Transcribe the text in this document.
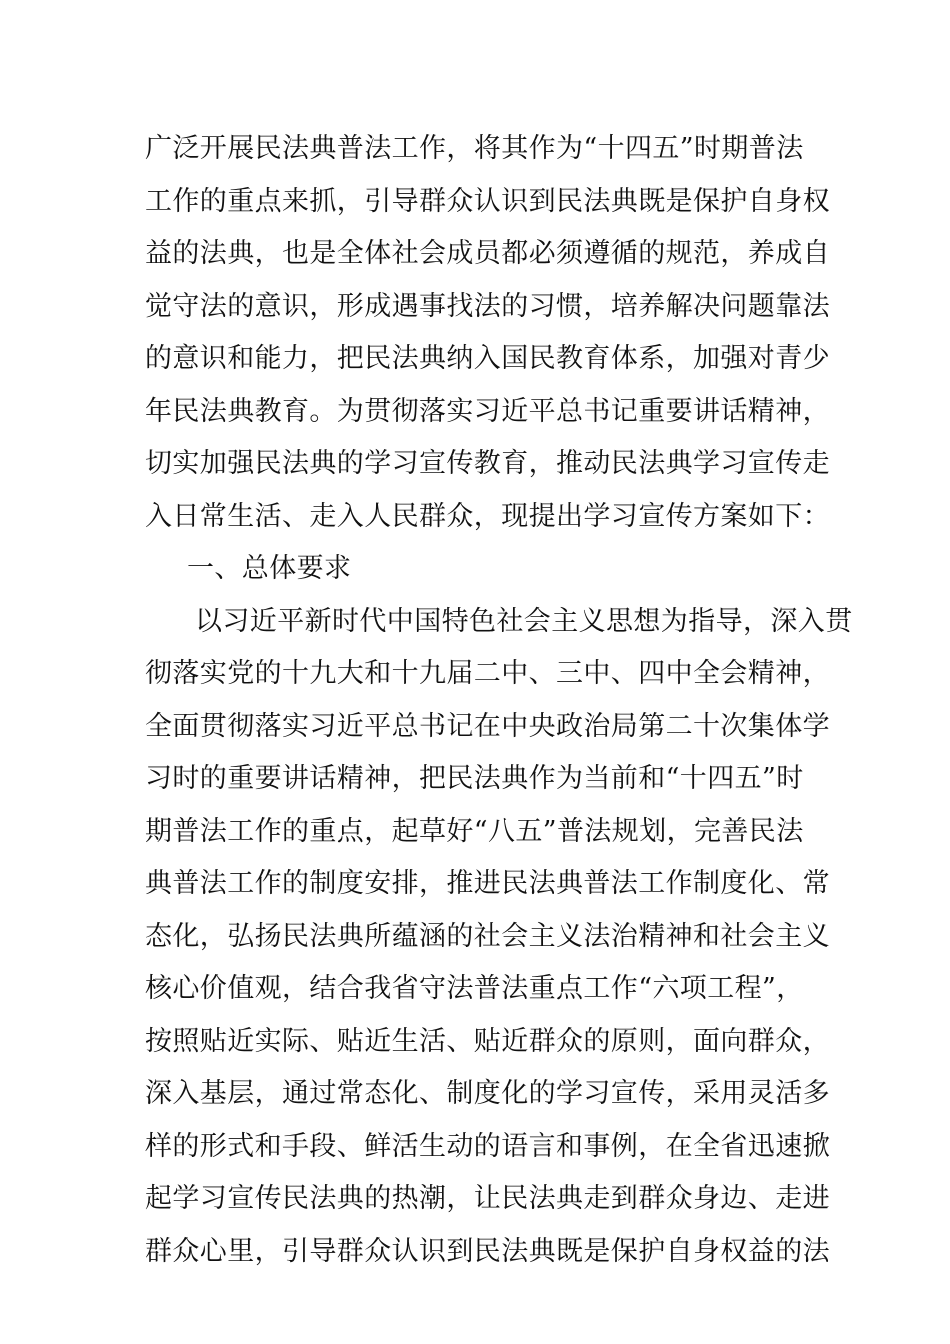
广泛开展民法典普法工作，将其作为“十四五”时期普法
工作的重点来抓，引导群众认识到民法典既是保护自身权
益的法典，也是全体社会成员都必须遵循的规范，养成自
觉守法的意识，形成遇事找法的习惯，培养解决问题靠法
的意识和能力，把民法典纳入国民教育体系，加强对青少
年民法典教育。为贯彻落实习近平总书记重要讲话精神，
切实加强民法典的学习宣传教育，推动民法典学习宣传走
入日常生活、走入人民群众，现提出学习宣传方案如下：
一、总体要求
以习近平新时代中国特色社会主义思想为指导，深入贯
彻落实党的十九大和十九届二中、三中、四中全会精神，
全面贯彻落实习近平总书记在中央政治局第二十次集体学
习时的重要讲话精神，把民法典作为当前和“十四五”时
期普法工作的重点，起草好“八五”普法规划，完善民法
典普法工作的制度安排，推进民法典普法工作制度化、常
态化，弘扬民法典所蕴涵的社会主义法治精神和社会主义
核心价值观，结合我省守法普法重点工作“六项工程”，
按照贴近实际、贴近生活、贴近群众的原则，面向群众，
深入基层，通过常态化、制度化的学习宣传，采用灵活多
样的形式和手段、鲜活生动的语言和事例，在全省迅速掀
起学习宣传民法典的热潮，让民法典走到群众身边、走进
群众心里，引导群众认识到民法典既是保护自身权益的法
